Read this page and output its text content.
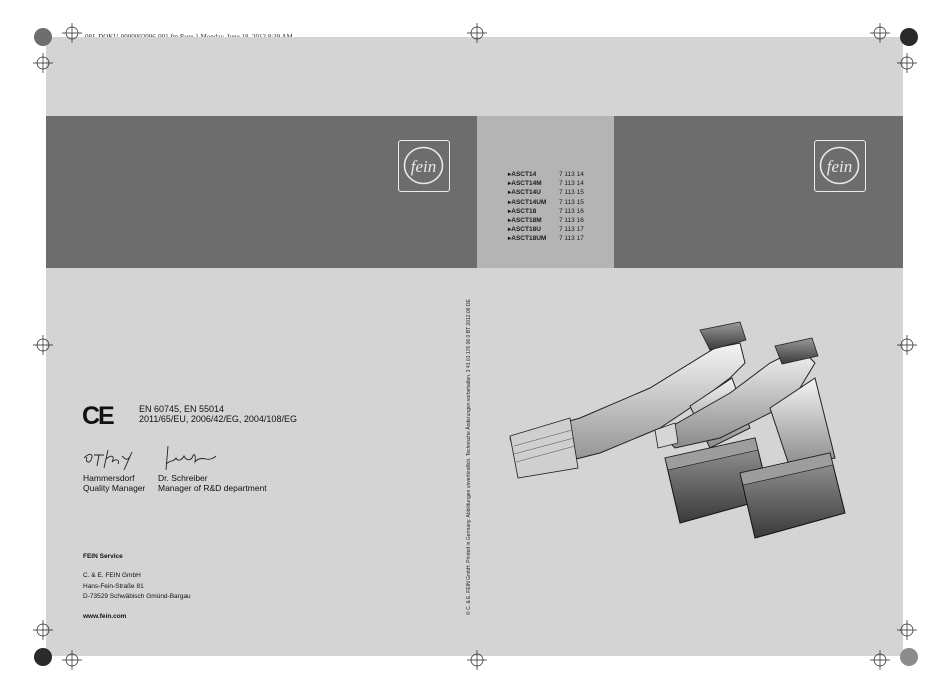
fein	fein
▸ ASCT14	7 113 14
▸ ASCT14M	7 113 14
▸ ASCT14U	7 113 15
▸ ASCT14UM	7 113 15
▸ ASCT18	7 113 16
▸ ASCT18M	7 113 16
▸ ASCT18U	7 113 17
▸ ASCT18UM	7 113 17
CE	EN 60745, EN 55014
2011/65/EU, 2006/42/EG, 2004/108/EG
Hammersdorf
Quality Manager
Dr. Schreiber
Manager of R&D department
FEIN Service
C. & E. FEIN GmbH
Hans-Fein-Straße 81
D-73529 Schwäbisch Gmünd-Bargau
www.fein.com
© C. & E. FEIN GmbH. Printed in Germany. Abbildungen unverbindlich. Technische Änderungen vorbehalten. 3 41 01 176 06 0 BT 2012.06 DE
